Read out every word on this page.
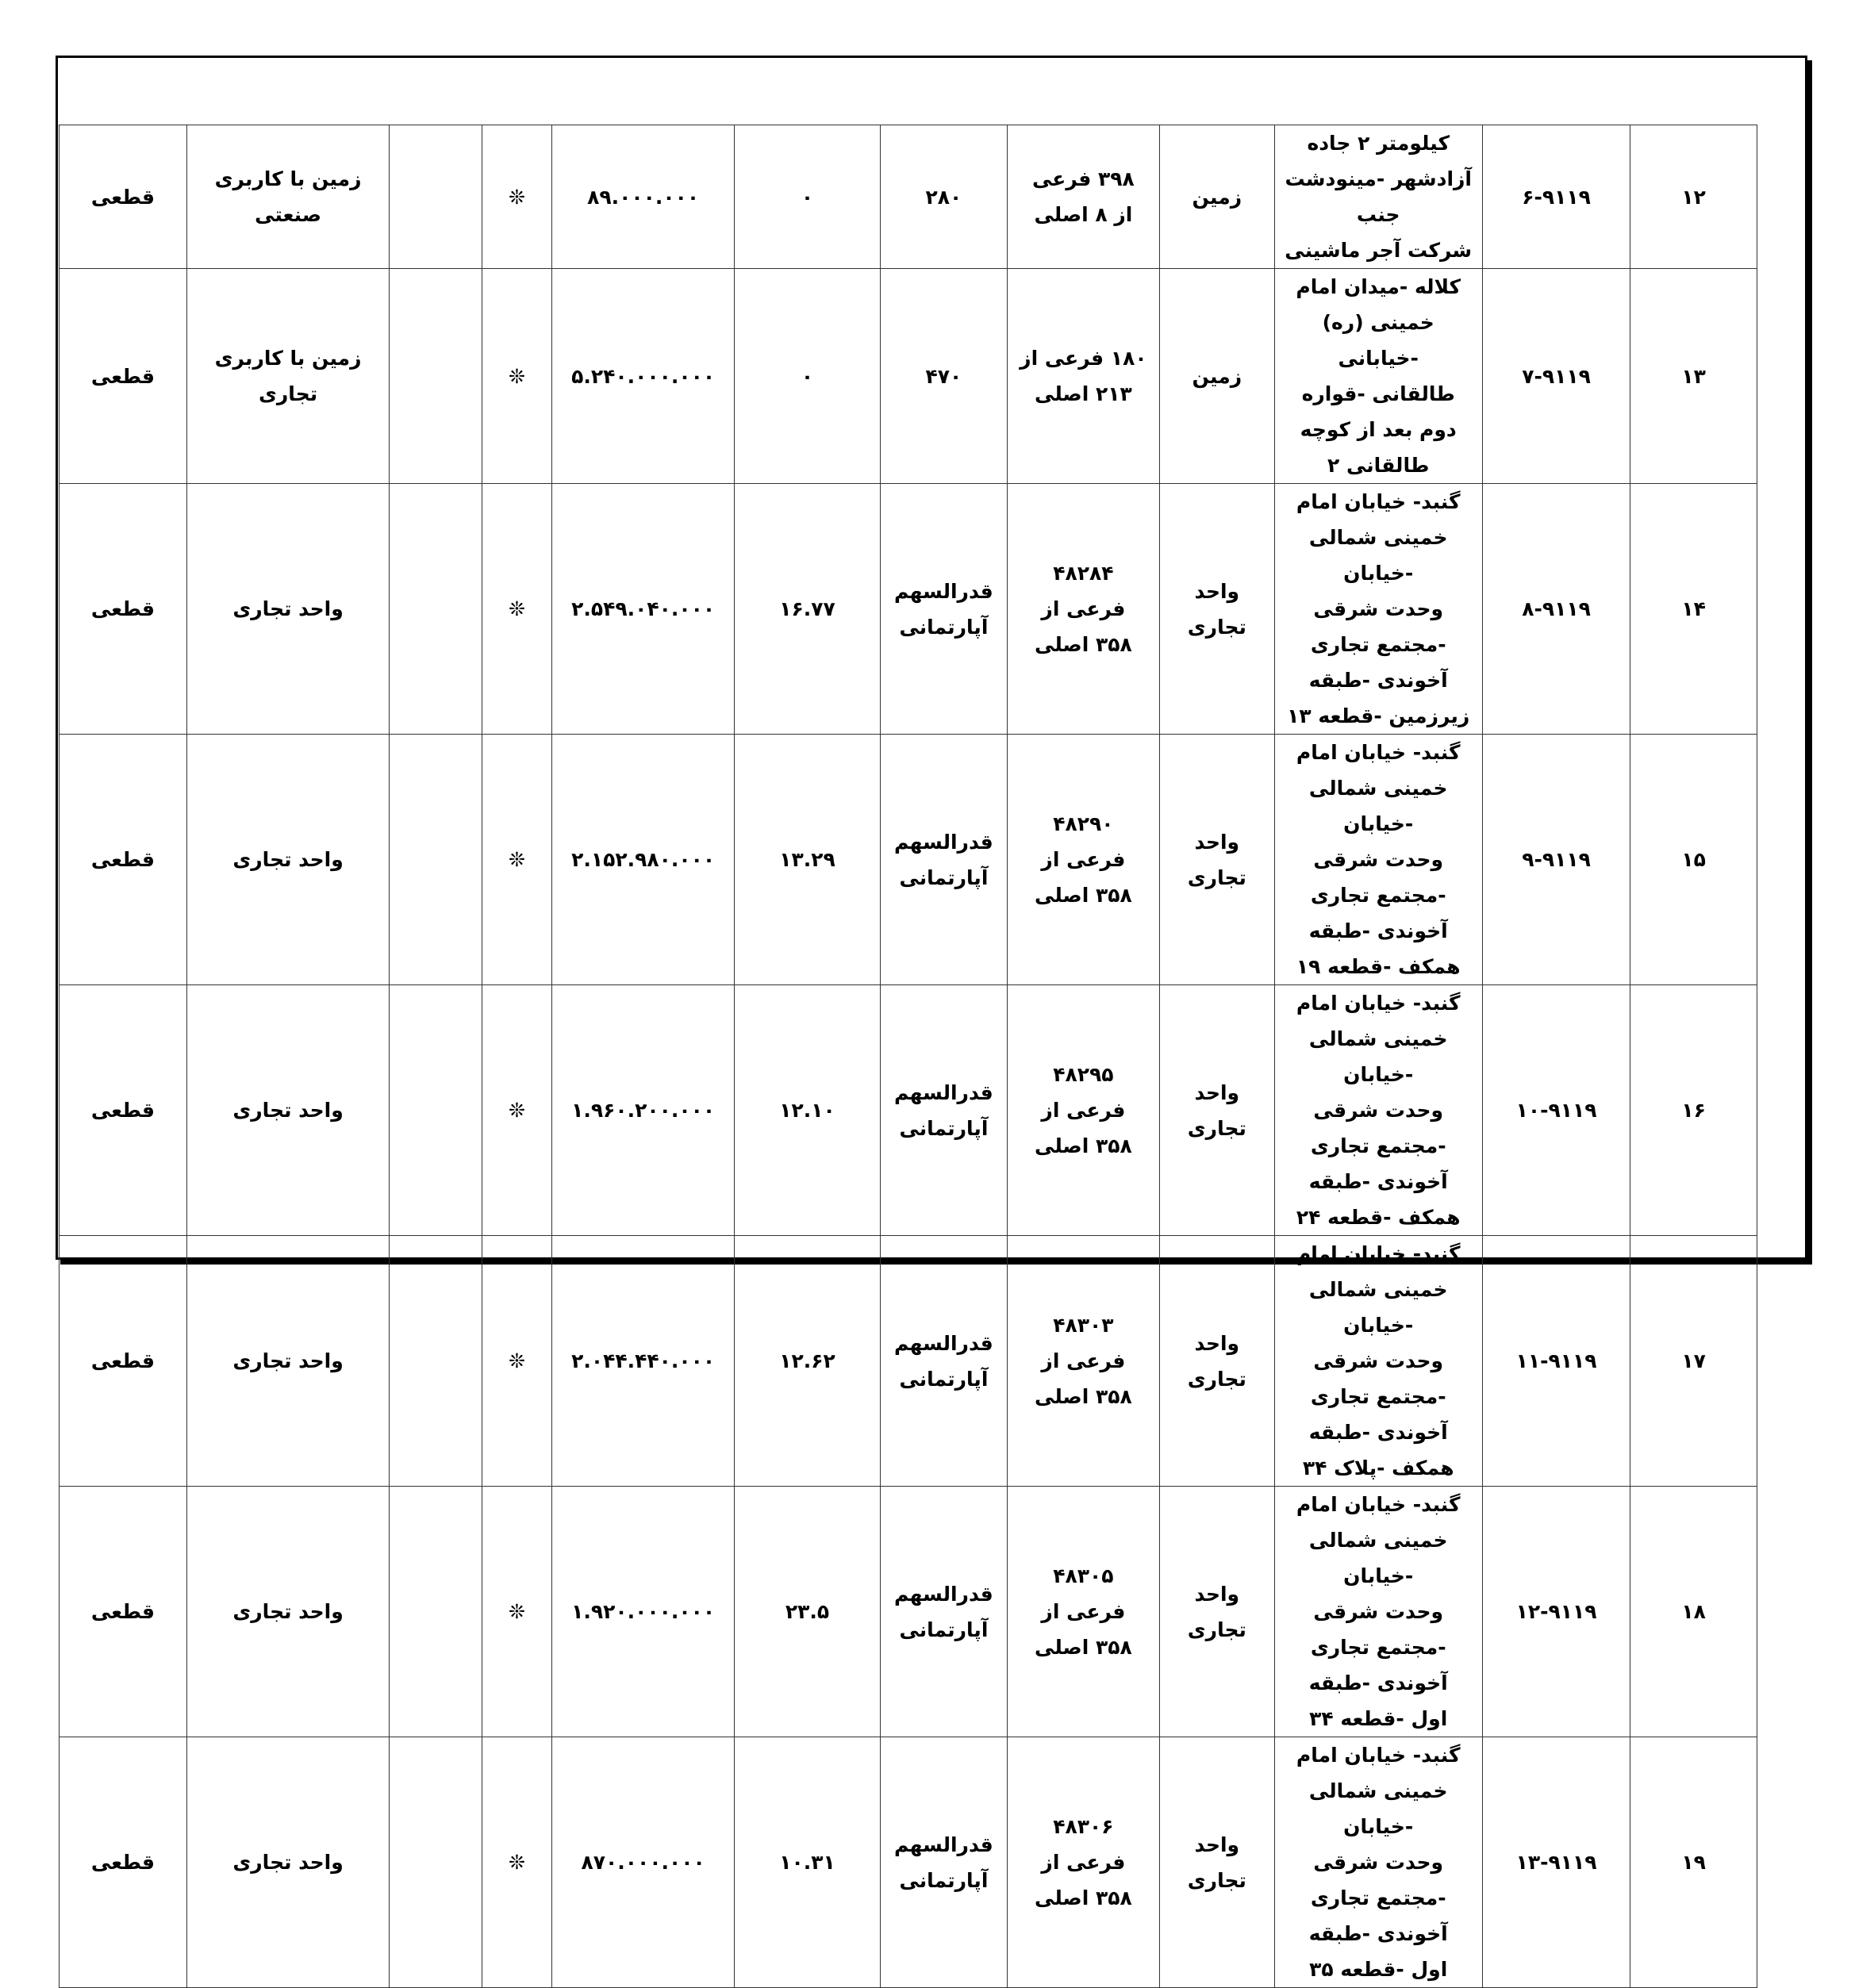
۱۲	۶-۹۱۱۹	کیلومتر ۲ جاده آزادشهر -مینودشت جنب
شرکت آجر ماشینی	زمین	۳۹۸ فرعی
از ۸ اصلی	۲۸۰	۰	۸۹.۰۰۰.۰۰۰	❊		زمین با کاربری
صنعتی	قطعی
۱۳	۷-۹۱۱۹	کلاله -میدان امام خمینی (ره) -خیابانی
طالقانی -قواره دوم بعد از کوچه طالقانی ۲	زمین	۱۸۰ فرعی از
۲۱۳ اصلی	۴۷۰	۰	۵.۲۴۰.۰۰۰.۰۰۰	❊		زمین با کاربری
تجاری	قطعی
۱۴	۸-۹۱۱۹	گنبد- خیابان امام خمینی شمالی -خیابان
وحدت شرقی -مجتمع تجاری آخوندی -طبقه
زیرزمین -قطعه ۱۳	واحد
تجاری	۴۸۲۸۴
فرعی از
۳۵۸ اصلی	قدرالسهم
آپارتمانی	۱۶.۷۷	۲.۵۴۹.۰۴۰.۰۰۰	❊		واحد تجاری	قطعی
۱۵	۹-۹۱۱۹	گنبد- خیابان امام خمینی شمالی -خیابان
وحدت شرقی -مجتمع تجاری آخوندی -طبقه
همکف -قطعه ۱۹	واحد
تجاری	۴۸۲۹۰
فرعی از
۳۵۸ اصلی	قدرالسهم
آپارتمانی	۱۳.۲۹	۲.۱۵۲.۹۸۰.۰۰۰	❊		واحد تجاری	قطعی
۱۶	۱۰-۹۱۱۹	گنبد- خیابان امام خمینی شمالی -خیابان
وحدت شرقی -مجتمع تجاری آخوندی -طبقه
همکف -قطعه ۲۴	واحد
تجاری	۴۸۲۹۵
فرعی از
۳۵۸ اصلی	قدرالسهم
آپارتمانی	۱۲.۱۰	۱.۹۶۰.۲۰۰.۰۰۰	❊		واحد تجاری	قطعی
۱۷	۱۱-۹۱۱۹	گنبد- خیابان امام خمینی شمالی -خیابان
وحدت شرقی -مجتمع تجاری آخوندی -طبقه
همکف -پلاک ۳۴	واحد
تجاری	۴۸۳۰۳
فرعی از
۳۵۸ اصلی	قدرالسهم
آپارتمانی	۱۲.۶۲	۲.۰۴۴.۴۴۰.۰۰۰	❊		واحد تجاری	قطعی
۱۸	۱۲-۹۱۱۹	گنبد- خیابان امام خمینی شمالی -خیابان
وحدت شرقی -مجتمع تجاری آخوندی -طبقه
اول -قطعه ۳۴	واحد
تجاری	۴۸۳۰۵
فرعی از
۳۵۸ اصلی	قدرالسهم
آپارتمانی	۲۳.۵	۱.۹۲۰.۰۰۰.۰۰۰	❊		واحد تجاری	قطعی
۱۹	۱۳-۹۱۱۹	گنبد- خیابان امام خمینی شمالی -خیابان
وحدت شرقی -مجتمع تجاری آخوندی -طبقه
اول -قطعه ۳۵	واحد
تجاری	۴۸۳۰۶
فرعی از
۳۵۸ اصلی	قدرالسهم
آپارتمانی	۱۰.۳۱	۸۷۰.۰۰۰.۰۰۰	❊		واحد تجاری	قطعی
